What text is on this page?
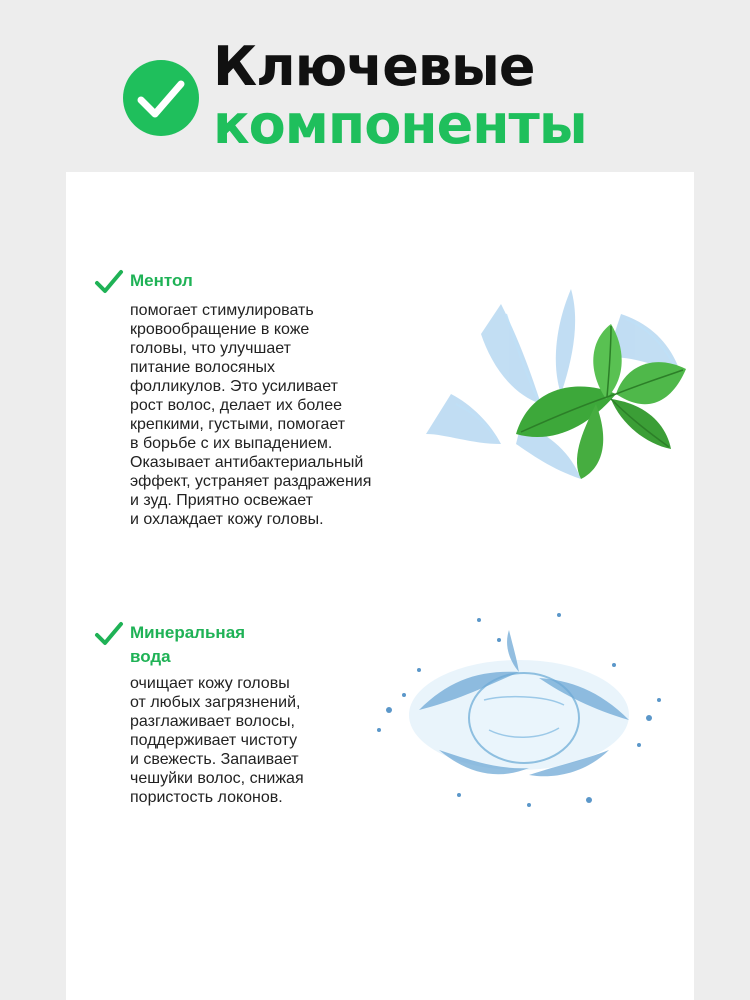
Ключевые
компоненты
Ментол
помогает стимулировать
кровообращение в коже
головы, что улучшает
питание волосяных
фолликулов. Это усиливает
рост волос, делает их более
крепкими, густыми, помогает
в борьбе с их выпадением.
Оказывает антибактериальный
эффект, устраняет раздражения
и зуд. Приятно освежает
и охлаждает кожу головы.
Минеральная вода
очищает кожу головы
от любых загрязнений,
разглаживает волосы,
поддерживает чистоту
и свежесть. Запаивает
чешуйки волос, снижая
пористость локонов.
